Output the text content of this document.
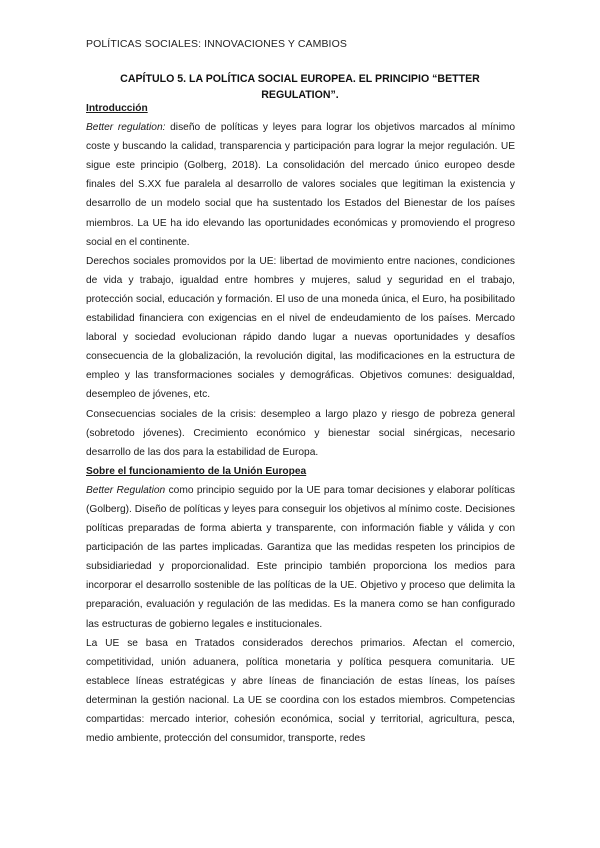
POLÍTICAS SOCIALES: INNOVACIONES Y CAMBIOS
CAPÍTULO 5. LA POLÍTICA SOCIAL EUROPEA. EL PRINCIPIO “BETTER REGULATION”.
Introducción

Better regulation: diseño de políticas y leyes para lograr los objetivos marcados al mínimo coste y buscando la calidad, transparencia y participación para lograr la mejor regulación. UE sigue este principio (Golberg, 2018). La consolidación del mercado único europeo desde finales del S.XX fue paralela al desarrollo de valores sociales que legitiman la existencia y desarrollo de un modelo social que ha sustentado los Estados del Bienestar de los países miembros. La UE ha ido elevando las oportunidades económicas y promoviendo el progreso social en el continente.

Derechos sociales promovidos por la UE: libertad de movimiento entre naciones, condiciones de vida y trabajo, igualdad entre hombres y mujeres, salud y seguridad en el trabajo, protección social, educación y formación. El uso de una moneda única, el Euro, ha posibilitado estabilidad financiera con exigencias en el nivel de endeudamiento de los países. Mercado laboral y sociedad evolucionan rápido dando lugar a nuevas oportunidades y desafíos consecuencia de la globalización, la revolución digital, las modificaciones en la estructura de empleo y las transformaciones sociales y demográficas. Objetivos comunes: desigualdad, desempleo de jóvenes, etc.

Consecuencias sociales de la crisis: desempleo a largo plazo y riesgo de pobreza general (sobretodo jóvenes). Crecimiento económico y bienestar social sinérgicas, necesario desarrollo de las dos para la estabilidad de Europa.

Sobre el funcionamiento de la Unión Europea

Better Regulation como principio seguido por la UE para tomar decisiones y elaborar políticas (Golberg). Diseño de políticas y leyes para conseguir los objetivos al mínimo coste. Decisiones políticas preparadas de forma abierta y transparente, con información fiable y válida y con participación de las partes implicadas. Garantiza que las medidas respeten los principios de subsidiariedad y proporcionalidad. Este principio también proporciona los medios para incorporar el desarrollo sostenible de las políticas de la UE. Objetivo y proceso que delimita la preparación, evaluación y regulación de las medidas. Es la manera como se han configurado las estructuras de gobierno legales e institucionales.

La UE se basa en Tratados considerados derechos primarios. Afectan el comercio, competitividad, unión aduanera, política monetaria y política pesquera comunitaria. UE establece líneas estratégicas y abre líneas de financiación de estas líneas, los países determinan la gestión nacional. La UE se coordina con los estados miembros. Competencias compartidas: mercado interior, cohesión económica, social y territorial, agricultura, pesca, medio ambiente, protección del consumidor, transporte, redes
